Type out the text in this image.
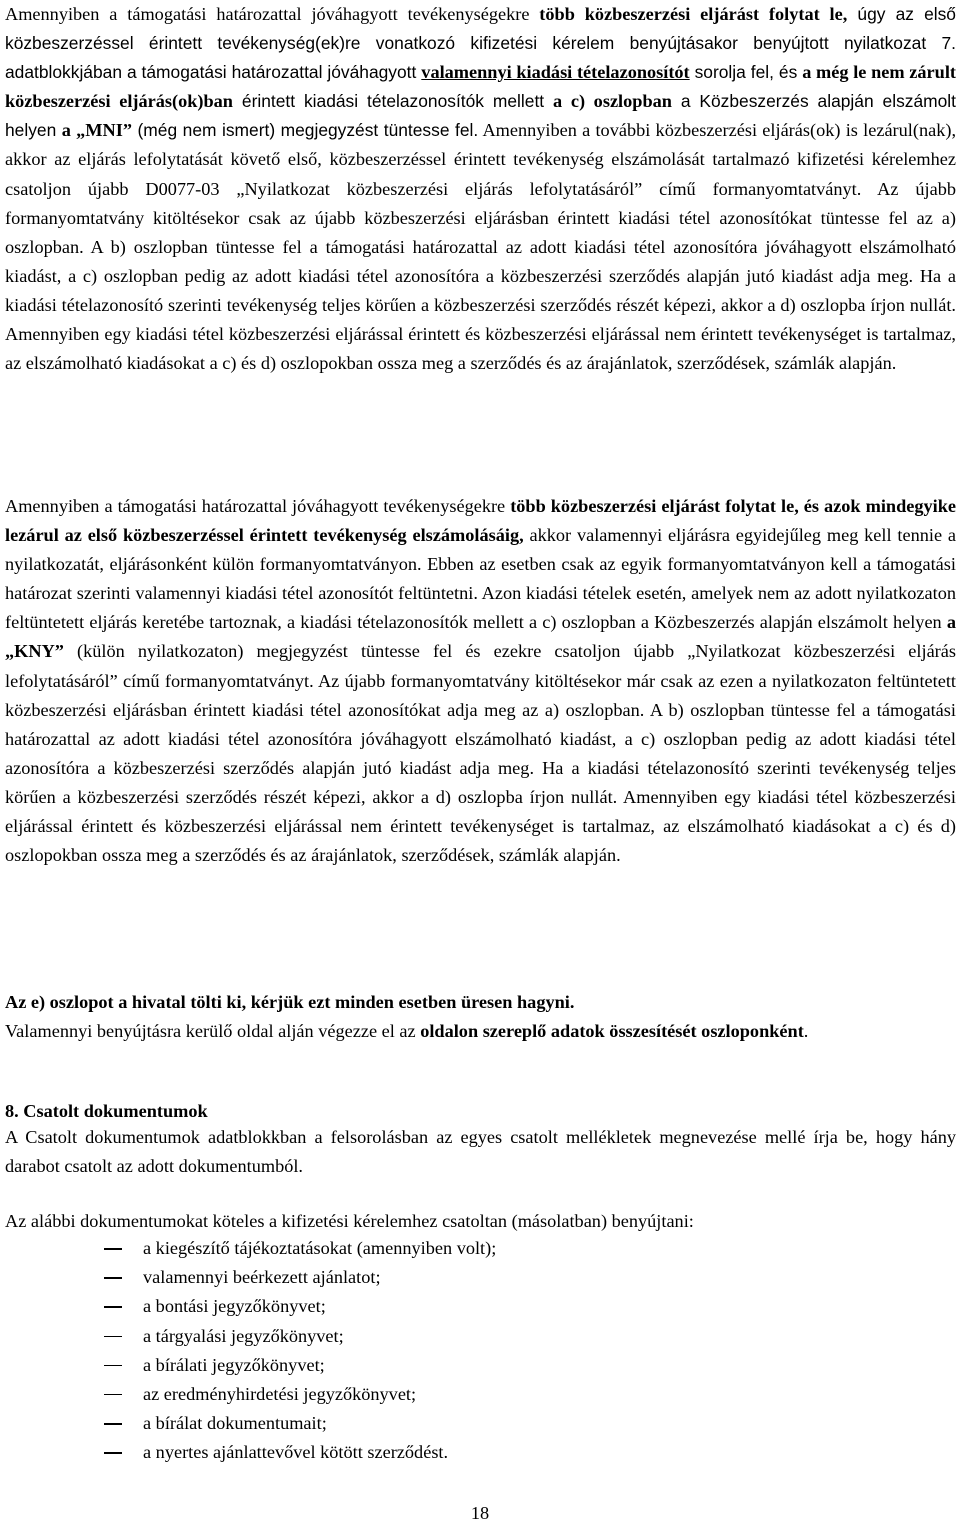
Amennyiben a támogatási határozattal jóváhagyott tevékenységekre több közbeszerzési eljárást folytat le, úgy az első közbeszerzéssel érintett tevékenység(ek)re vonatkozó kifizetési kérelem benyújtásakor benyújtott nyilatkozat 7. adatblokkjában a támogatási határozattal jóváhagyott valamennyi kiadási tételazonosítót sorolja fel, és a még le nem zárult közbeszerzési eljárás(ok)ban érintett kiadási tételazonosítók mellett a c) oszlopban a Közbeszerzés alapján elszámolt helyen a „MNI” (még nem ismert) megjegyzést tüntesse fel. Amennyiben a további közbeszerzési eljárás(ok) is lezárul(nak), akkor az eljárás lefolytatását követő első, közbeszerzéssel érintett tevékenység elszámolását tartalmazó kifizetési kérelemhez csatoljon újabb D0077-03 „Nyilatkozat közbeszerzési eljárás lefolytatásáról” című formanyomtatványt. Az újabb formanyomtatvány kitöltésekor csak az újabb közbeszerzési eljárásban érintett kiadási tétel azonosítókat tüntesse fel az a) oszlopban. A b) oszlopban tüntesse fel a támogatási határozattal az adott kiadási tétel azonosítóra jóváhagyott elszámolható kiadást, a c) oszlopban pedig az adott kiadási tétel azonosítóra a közbeszerzési szerződés alapján jutó kiadást adja meg. Ha a kiadási tételazonosító szerinti tevékenység teljes körűen a közbeszerzési szerződés részét képezi, akkor a d) oszlopba írjon nullát. Amennyiben egy kiadási tétel közbeszerzési eljárással érintett és közbeszerzési eljárással nem érintett tevékenységet is tartalmaz, az elszámolható kiadásokat a c) és d) oszlopokban ossza meg a szerződés és az árajánlatok, szerződések, számlák alapján.

Amennyiben a támogatási határozattal jóváhagyott tevékenységekre több közbeszerzési eljárást folytat le, és azok mindegyike lezárul az első közbeszerzéssel érintett tevékenység elszámolásáig, akkor valamennyi eljárásra egyidejűleg meg kell tennie a nyilatkozatát, eljárásonként külön formanyomtatványon. Ebben az esetben csak az egyik formanyomtatványon kell a támogatási határozat szerinti valamennyi kiadási tétel azonosítót feltüntetni. Azon kiadási tételek esetén, amelyek nem az adott nyilatkozaton feltüntetett eljárás keretébe tartoznak, a kiadási tételazonosítók mellett a c) oszlopban a Közbeszerzés alapján elszámolt helyen a „KNY” (külön nyilatkozaton) megjegyzést tüntesse fel és ezekre csatoljon újabb „Nyilatkozat közbeszerzési eljárás lefolytatásáról” című formanyomtatványt. Az újabb formanyomtatvány kitöltésekor már csak az ezen a nyilatkozaton feltüntetett közbeszerzési eljárásban érintett kiadási tétel azonosítókat adja meg az a) oszlopban. A b) oszlopban tüntesse fel a támogatási határozattal az adott kiadási tétel azonosítóra jóváhagyott elszámolható kiadást, a c) oszlopban pedig az adott kiadási tétel azonosítóra a közbeszerzési szerződés alapján jutó kiadást adja meg. Ha a kiadási tételazonosító szerinti tevékenység teljes körűen a közbeszerzési szerződés részét képezi, akkor a d) oszlopba írjon nullát. Amennyiben egy kiadási tétel közbeszerzési eljárással érintett és közbeszerzési eljárással nem érintett tevékenységet is tartalmaz, az elszámolható kiadásokat a c) és d) oszlopokban ossza meg a szerződés és az árajánlatok, szerződések, számlák alapján.

Az e) oszlopot a hivatal tölti ki, kérjük ezt minden esetben üresen hagyni.
Valamennyi benyújtásra kerülő oldal alján végezze el az oldalon szereplő adatok összesítését oszloponként.

8. Csatolt dokumentumok

A Csatolt dokumentumok adatblokkban a felsorolásban az egyes csatolt mellékletek megnevezése mellé írja be, hogy hány darabot csatolt az adott dokumentumból.

Az alábbi dokumentumokat köteles a kifizetési kérelemhez csatoltan (másolatban) benyújtani:

a kiegészítő tájékoztatásokat (amennyiben volt);
valamennyi beérkezett ajánlatot;
a bontási jegyzőkönyvet;
a tárgyalási jegyzőkönyvet;
a bírálati jegyzőkönyvet;
az eredményhirdetési jegyzőkönyvet;
a bírálat dokumentumait;
a nyertes ajánlattevővel kötött szerződést.
18
